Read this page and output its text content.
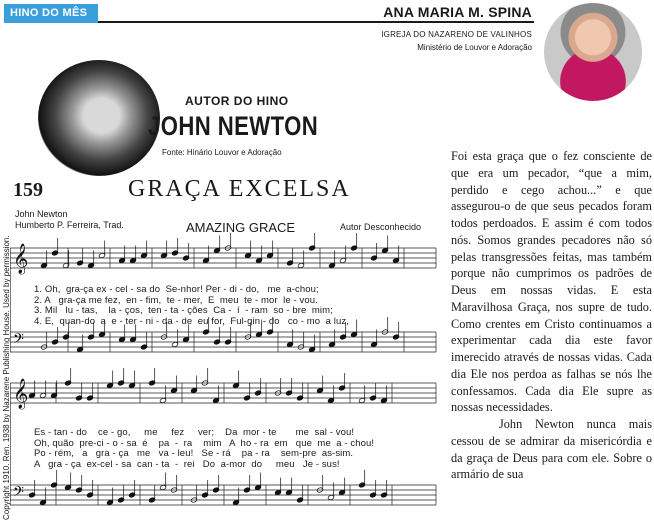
HINO DO MÊS	ANA MARIA M. SPINA
IGREJA DO NAZARENO DE VALINHOS
Ministério de Louvor e Adoração
AUTOR DO HINO
JOHN NEWTON
Fonte: Hinário Louvor e Adoração
Copyright 1910. Ren. 1938 by Nazarene Publishing House. Used by permission.
159	GRAÇA EXCELSA
John Newton
Humberto P. Ferreira, Trad.	AMAZING GRACE	Autor Desconhecido
𝄞
𝄢
𝄞
𝄢
1. Oh,  gra-ça ex - cel - sa do  Se-nhor! Per - di - do,   me  a-chou;
2. A   gra-ça me fez,  en - fim,  te - mer,  E  meu  te - mor  le - vou.
3. Mil   lu - tas,    la - ços,  ten - ta - ções  Ca -  í  - ram  so - bre  mim;
4. E,  quan-do  a  e - ter - ni - da - de  eu for,  Ful-gin - do   co - mo  a luz,
Es - tan - do    ce - go,     me     fez     ver;    Da  mor - te       me  sal - vou!
Oh, quão  pre-ci - o - sa  é    pa  -  ra    mim   A  ho - ra  em   que  me  a - chou!
Po - rém,   a   gra - ça   me   va - leu!   Se - rá    pa - ra    sem-pre  as-sim.
A   gra - ça  ex-cel - sa  can - ta  -  rei   Do  a-mor  do     meu   Je - sus!

Foi esta graça que o fez consciente de que era um pecador, “que a mim, perdido e cego achou...” e que assegurou-o de que seus pecados foram todos perdoados. E assim é com todos nós. Somos grandes pecadores não só pelas transgressões feitas, mas também porque não cumprimos os padrões de Deus em nossas vidas. E esta Maravilhosa Graça, nos supre de tudo. Como crentes em Cristo continuamos a experimentar cada dia este favor imerecido através de nossas vidas. Cada dia Ele nos perdoa as falhas se nós lhe confessamos. Cada dia Ele supre as nossas necessidades.

John Newton nunca mais cessou de se admirar da misericórdia e da graça de Deus para com ele. Sobre o armário de sua
